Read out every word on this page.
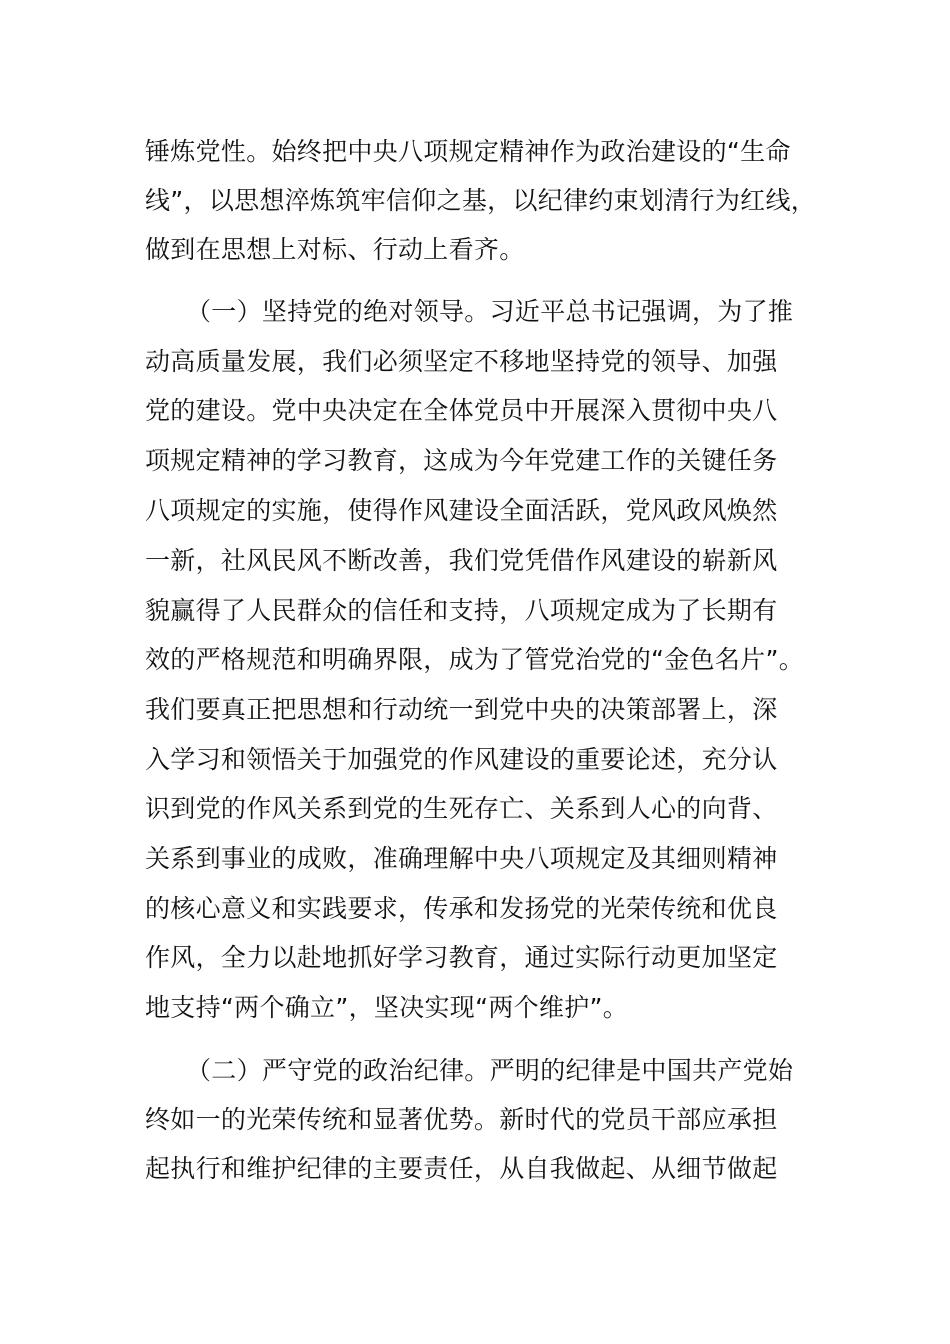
锤炼党性。始终把中央八项规定精神作为政治建设的“生命
线”，以思想淬炼筑牢信仰之基，以纪律约束划清行为红线，
做到在思想上对标、行动上看齐。
（一）坚持党的绝对领导。习近平总书记强调，为了推
动高质量发展，我们必须坚定不移地坚持党的领导、加强
党的建设。党中央决定在全体党员中开展深入贯彻中央八
项规定精神的学习教育，这成为今年党建工作的关键任务
八项规定的实施，使得作风建设全面活跃，党风政风焕然
一新，社风民风不断改善，我们党凭借作风建设的崭新风
貌赢得了人民群众的信任和支持，八项规定成为了长期有
效的严格规范和明确界限，成为了管党治党的“金色名片”。
我们要真正把思想和行动统一到党中央的决策部署上，深
入学习和领悟关于加强党的作风建设的重要论述，充分认
识到党的作风关系到党的生死存亡、关系到人心的向背、
关系到事业的成败，准确理解中央八项规定及其细则精神
的核心意义和实践要求，传承和发扬党的光荣传统和优良
作风，全力以赴地抓好学习教育，通过实际行动更加坚定
地支持“两个确立”，坚决实现“两个维护”。
（二）严守党的政治纪律。严明的纪律是中国共产党始
终如一的光荣传统和显著优势。新时代的党员干部应承担
起执行和维护纪律的主要责任，从自我做起、从细节做起
